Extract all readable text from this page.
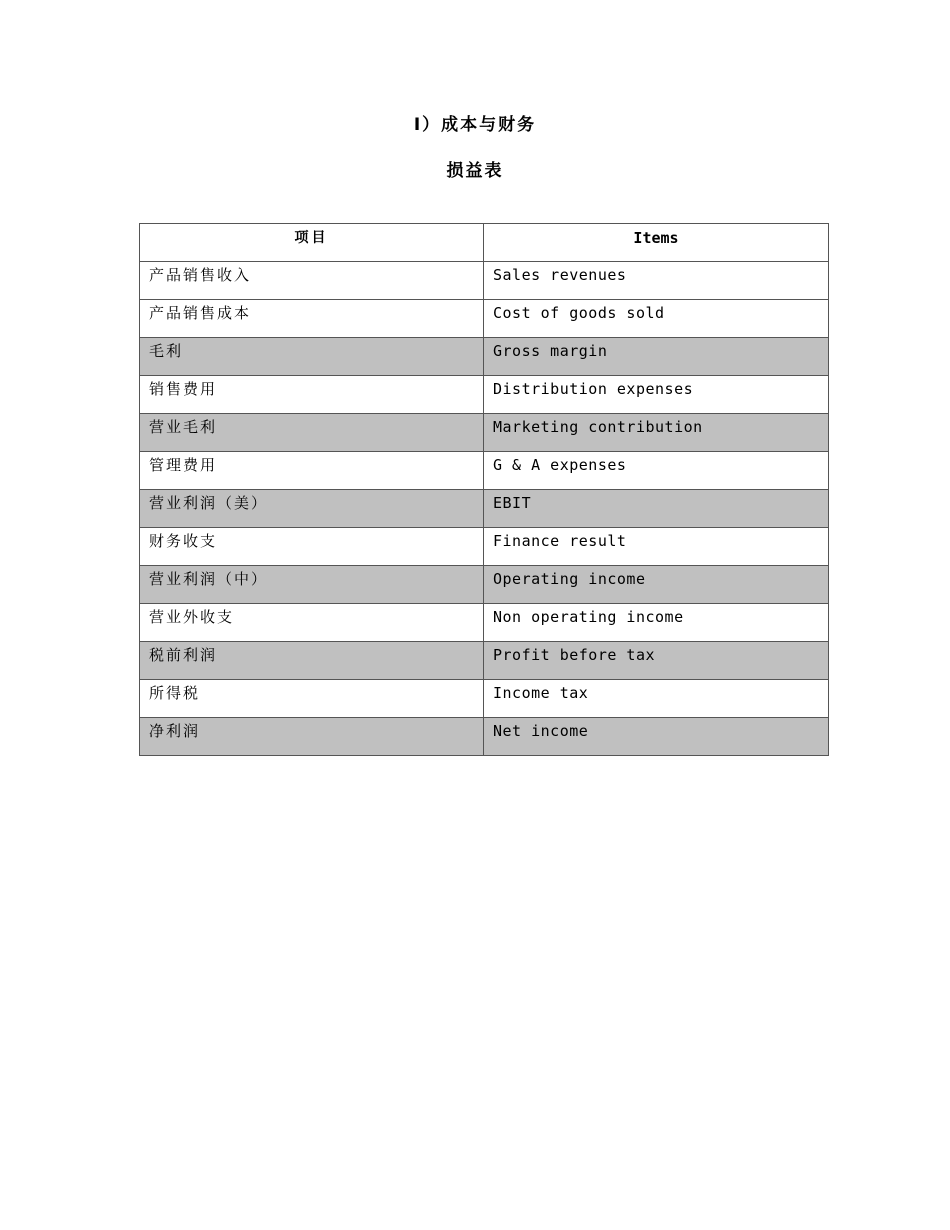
I）成本与财务
损益表
项目	Items
产品销售收入	Sales revenues
产品销售成本	Cost of goods sold
毛利	Gross margin
销售费用	Distribution expenses
营业毛利	Marketing contribution
管理费用	G & A expenses
营业利润（美）	EBIT
财务收支	Finance result
营业利润（中）	Operating income
营业外收支	Non operating income
税前利润	Profit before tax
所得税	Income tax
净利润	Net income
